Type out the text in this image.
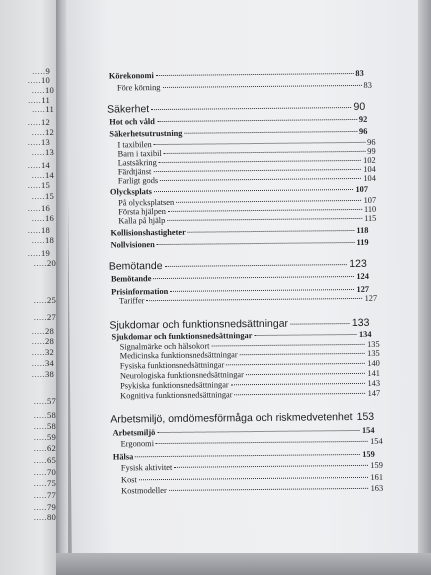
.....9
.....10
.....10
.....11
.....11
.....12
.....12
.....13
.....13
.....14
.....14
.....15
.....15
.....16
.....16
.....18
.....18
.....19
.....20
.....25
.....27
.....28
.....28
.....32
.....34
.....38
.....57
.....58
.....58
.....59
.....62
.....65
.....70
.....75
.....77
.....79
.....80
Körekonomi	83
Före körning	83
Säkerhet	90
Hot och våld	92
Säkerhetsutrustning	96
I taxibilen	96
Barn i taxibil	99
Lastsäkring	102
Färdtjänst	104
Farligt gods	104
Olycksplats	107
På olycksplatsen	107
Första hjälpen	110
Kalla på hjälp	115
Kollisionshastigheter	118
Nollvisionen	119
Bemötande	123
Bemötande	124
Prisinformation	127
Tariffer	127
Sjukdomar och funktionsnedsättningar	133
Sjukdomar och funktionsnedsättningar	134
Signalmärke och hälsokort	135
Medicinska funktionsnedsättningar	135
Fysiska funktionsnedsättningar	140
Neurologiska funktionsnedsättningar	141
Psykiska funktionsnedsättningar	143
Kognitiva funktionsnedsättningar	147
Arbetsmiljö, omdömesförmåga och riskmedvetenhet 153
Arbetsmiljö	154
Ergonomi	154
Hälsa	159
Fysisk aktivitet	159
Kost	161
Kostmodeller	163
